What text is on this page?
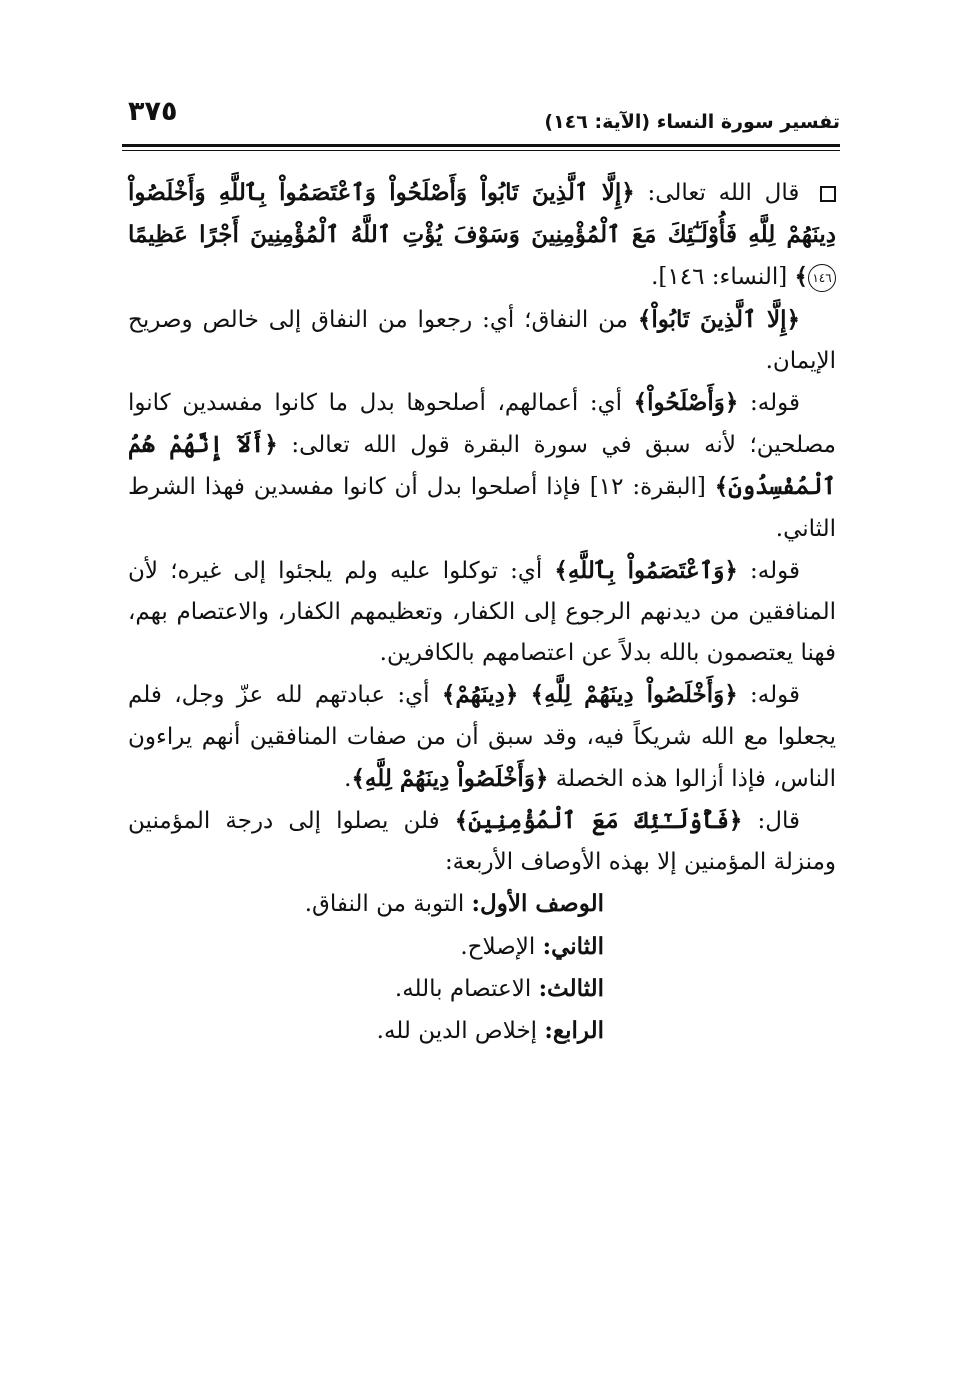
تفسير سورة النساء (الآية: ١٤٦)
٣٧٥

قال الله تعالى: ﴿إِلَّا ٱلَّذِينَ تَابُواْ وَأَصْلَحُواْ وَٱعْتَصَمُواْ بِٱللَّهِ وَأَخْلَصُواْ دِينَهُمْ لِلَّهِ فَأُوْلَـٰٓئِكَ مَعَ ٱلْمُؤْمِنِينَ وَسَوْفَ يُؤْتِ ٱللَّهُ ٱلْمُؤْمِنِينَ أَجْرًا عَظِيمًا ١٤٦﴾ [النساء: ١٤٦].

﴿إِلَّا ٱلَّذِينَ تَابُواْ﴾ من النفاق؛ أي: رجعوا من النفاق إلى خالص وصريح الإيمان.

قوله: ﴿وَأَصْلَحُواْ﴾ أي: أعمالهم، أصلحوها بدل ما كانوا مفسدين كانوا مصلحين؛ لأنه سبق في سورة البقرة قول الله تعالى: ﴿أَلَآ إِنَّهُمْ هُمُ ٱلْمُفْسِدُونَ﴾ [البقرة: ١٢] فإذا أصلحوا بدل أن كانوا مفسدين فهذا الشرط الثاني.

قوله: ﴿وَٱعْتَصَمُواْ بِٱللَّهِ﴾ أي: توكلوا عليه ولم يلجئوا إلى غيره؛ لأن المنافقين من ديدنهم الرجوع إلى الكفار، وتعظيمهم الكفار، والاعتصام بهم، فهنا يعتصمون بالله بدلاً عن اعتصامهم بالكافرين.

قوله: ﴿وَأَخْلَصُواْ دِينَهُمْ لِلَّهِ﴾ ﴿دِينَهُمْ﴾ أي: عبادتهم لله عزّ وجل، فلم يجعلوا مع الله شريكاً فيه، وقد سبق أن من صفات المنافقين أنهم يراءون الناس، فإذا أزالوا هذه الخصلة ﴿وَأَخْلَصُواْ دِينَهُمْ لِلَّهِ﴾.

قال: ﴿فَأُوْلَـٰٓئِكَ مَعَ ٱلْمُؤْمِنِينَ﴾ فلن يصلوا إلى درجة المؤمنين ومنزلة المؤمنين إلا بهذه الأوصاف الأربعة:

الوصف الأول: التوبة من النفاق.
الثاني: الإصلاح.
الثالث: الاعتصام بالله.
الرابع: إخلاص الدين لله.
